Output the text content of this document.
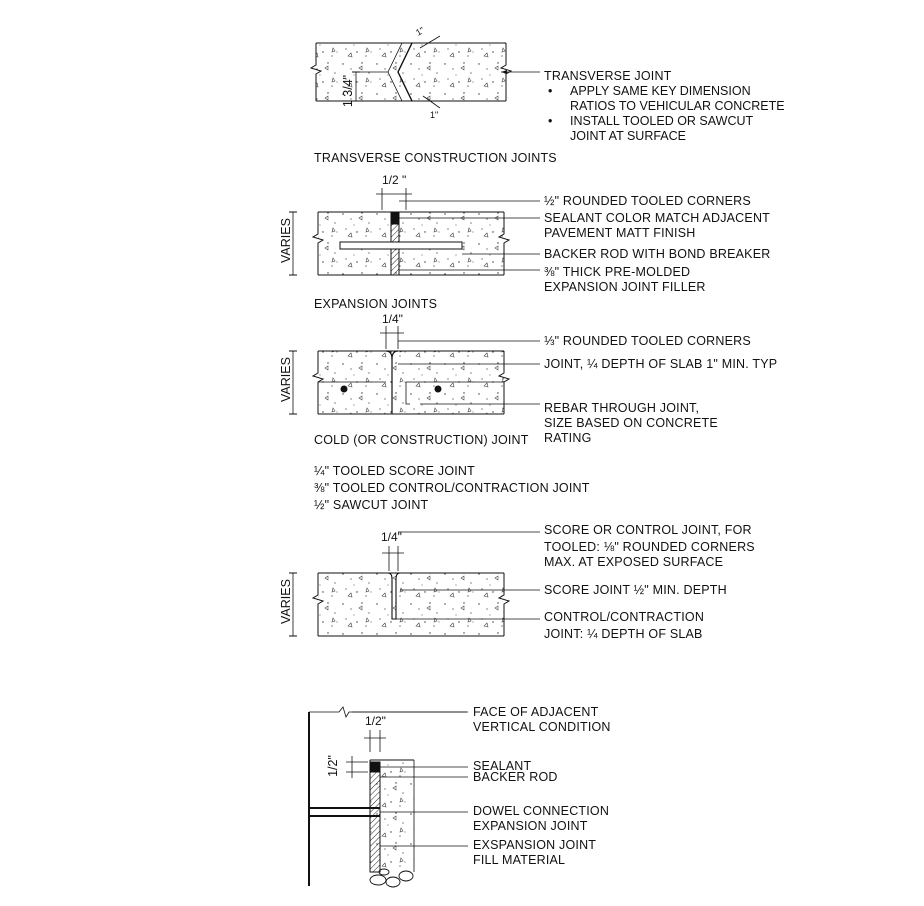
1"
1"
1 3/4"	TRANSVERSE JOINT
• APPLY SAME KEY DIMENSION
RATIOS TO VEHICULAR CONCRETE
• INSTALL TOOLED OR SAWCUT
JOINT AT SURFACE
TRANSVERSE CONSTRUCTION JOINTS
1/2 "
VARIES
½" ROUNDED TOOLED CORNERS
SEALANT COLOR MATCH ADJACENT
PAVEMENT MATT FINISH
BACKER ROD WITH BOND BREAKER
⅜" THICK PRE-MOLDED
EXPANSION JOINT FILLER
EXPANSION JOINTS
1/4"
VARIES
⅓" ROUNDED TOOLED CORNERS
JOINT, ¼ DEPTH OF SLAB 1" MIN. TYP
REBAR THROUGH JOINT,
SIZE BASED ON CONCRETE
RATING
COLD (OR CONSTRUCTION) JOINT
¼" TOOLED SCORE JOINT
⅜" TOOLED CONTROL/CONTRACTION JOINT
½" SAWCUT JOINT
1/4"
VARIES
SCORE OR CONTROL JOINT, FOR
TOOLED: ⅛" ROUNDED CORNERS
MAX. AT EXPOSED SURFACE
SCORE JOINT ½" MIN. DEPTH
CONTROL/CONTRACTION
JOINT: ¼ DEPTH OF SLAB
1/2"
1/2"
FACE OF ADJACENT
VERTICAL CONDITION
SEALANT
BACKER ROD
DOWEL CONNECTION
EXPANSION JOINT
EXSPANSION JOINT
FILL MATERIAL
